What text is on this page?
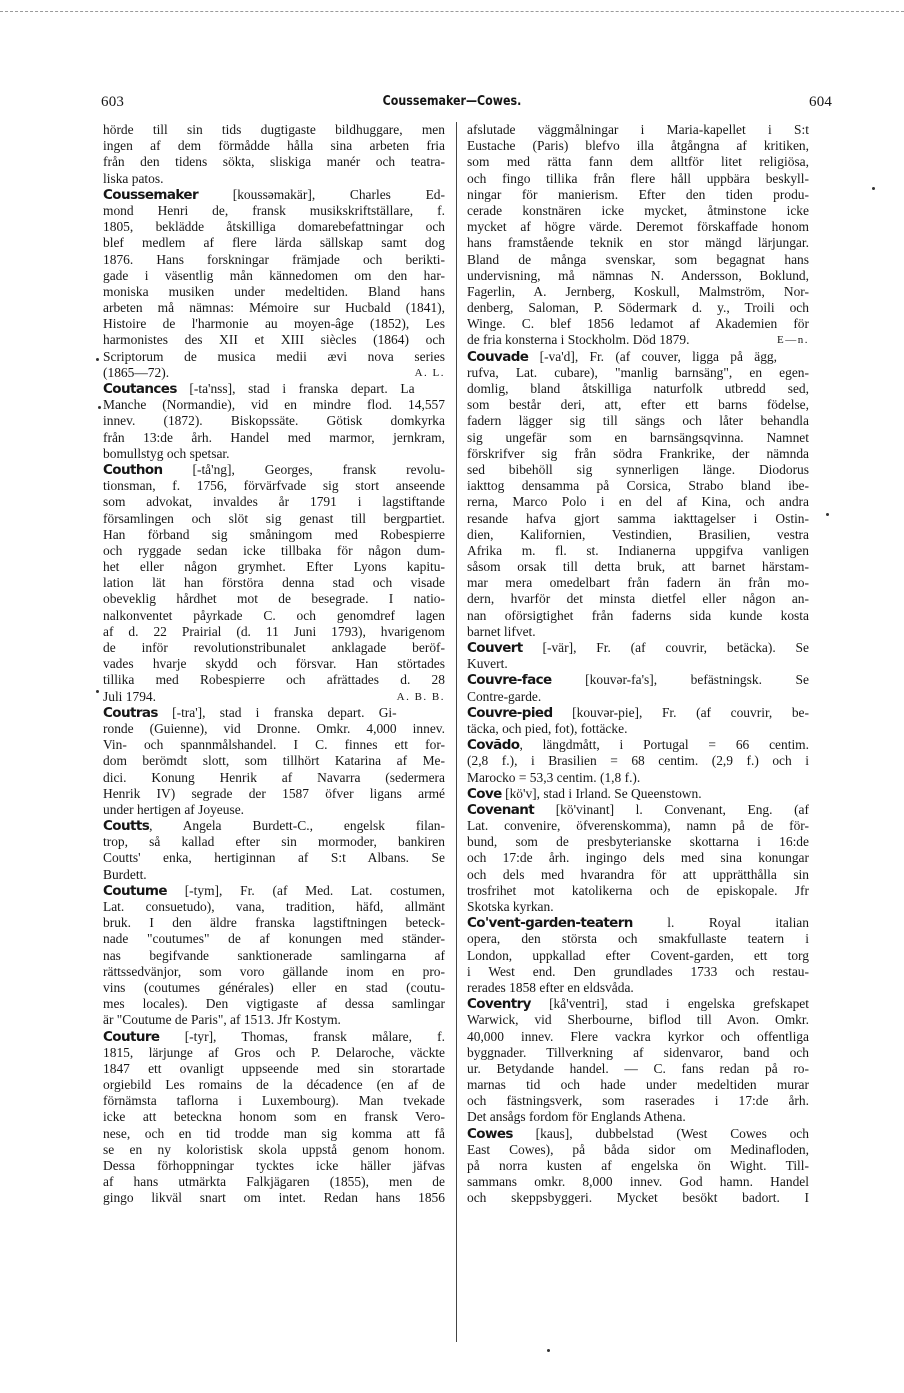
603	Coussemaker—Cowes.	604
hörde till sin tids dugtigaste bildhuggare, men
ingen af dem förmådde hålla sina arbeten fria
från den tidens sökta, sliskiga manér och teatra-
liska patos.
Coussemaker [koussəmakär], Charles Ed-
mond Henri de, fransk musikskriftställare, f.
1805, beklädde åtskilliga domarebefattningar och
blef medlem af flere lärda sällskap samt dog
1876. Hans forskningar främjade och berikti-
gade i väsentlig mån kännedomen om den har-
moniska musiken under medeltiden. Bland hans
arbeten må nämnas: Mémoire sur Hucbald (1841),
Histoire de l'harmonie au moyen-âge (1852), Les
harmonistes des XII et XIII siècles (1864) och
Scriptorum de musica medii ævi nova series
A. L.
(1865—72).
Coutances [-ta'nss], stad i franska depart. La
Manche (Normandie), vid en mindre flod. 14,557
innev. (1872). Biskopssäte. Götisk domkyrka
från 13:de årh. Handel med marmor, jernkram,
bomullstyg och spetsar.
Couthon [-tå'ng], Georges, fransk revolu-
tionsman, f. 1756, förvärfvade sig stort anseende
som advokat, invaldes år 1791 i lagstiftande
församlingen och slöt sig genast till bergpartiet.
Han förband sig småningom med Robespierre
och ryggade sedan icke tillbaka för någon dum-
het eller någon grymhet. Efter Lyons kapitu-
lation lät han förstöra denna stad och visade
obeveklig hårdhet mot de besegrade. I natio-
nalkonventet påyrkade C. och genomdref lagen
af d. 22 Prairial (d. 11 Juni 1793), hvarigenom
de inför revolutionstribunalet anklagade beröf-
vades hvarje skydd och försvar. Han störtades
tillika med Robespierre och afrättades d. 28
A. B. B.
Juli 1794.
Coutras [-tra'], stad i franska depart. Gi-
ronde (Guienne), vid Dronne. Omkr. 4,000 innev.
Vin- och spannmålshandel. I C. finnes ett for-
dom berömdt slott, som tillhört Katarina af Me-
dici. Konung Henrik af Navarra (sedermera
Henrik IV) segrade der 1587 öfver ligans armé
under hertigen af Joyeuse.
Coutts, Angela Burdett-C., engelsk filan-
trop, så kallad efter sin mormoder, bankiren
Coutts' enka, hertiginnan af S:t Albans. Se
Burdett.
Coutume [-tym], Fr. (af Med. Lat. costumen,
Lat. consuetudo), vana, tradition, häfd, allmänt
bruk. I den äldre franska lagstiftningen beteck-
nade "coutumes" de af konungen med ständer-
nas begifvande sanktionerade samlingarna af
rättssedvänjor, som voro gällande inom en pro-
vins (coutumes générales) eller en stad (coutu-
mes locales). Den vigtigaste af dessa samlingar
är "Coutume de Paris", af 1513. Jfr Kostym.
Couture [-tyr], Thomas, fransk målare, f.
1815, lärjunge af Gros och P. Delaroche, väckte
1847 ett ovanligt uppseende med sin storartade
orgiebild Les romains de la décadence (en af de
förnämsta taflorna i Luxembourg). Man tvekade
icke att beteckna honom som en fransk Vero-
nese, och en tid trodde man sig komma att få
se en ny koloristisk skola uppstå genom honom.
Dessa förhoppningar tycktes icke häller jäfvas
af hans utmärkta Falkjägaren (1855), men de
gingo likväl snart om intet. Redan hans 1856
afslutade väggmålningar i Maria-kapellet i S:t
Eustache (Paris) blefvo illa åtgångna af kritiken,
som med rätta fann dem alltför litet religiösa,
och fingo tillika från flere håll uppbära beskyll-
ningar för manierism. Efter den tiden produ-
cerade konstnären icke mycket, åtminstone icke
mycket af högre värde. Deremot förskaffade honom
hans framstående teknik en stor mängd lärjungar.
Bland de många svenskar, som begagnat hans
undervisning, må nämnas N. Andersson, Boklund,
Fagerlin, A. Jernberg, Koskull, Malmström, Nor-
denberg, Saloman, P. Södermark d. y., Troili och
Winge. C. blef 1856 ledamot af Akademien för
E—n.
de fria konsterna i Stockholm. Död 1879.
Couvade [-va'd], Fr. (af couver, ligga på ägg,
rufva, Lat. cubare), "manlig barnsäng", en egen-
domlig, bland åtskilliga naturfolk utbredd sed,
som består deri, att, efter ett barns födelse,
fadern lägger sig till sängs och låter behandla
sig ungefär som en barnsängsqvinna. Namnet
förskrifver sig från södra Frankrike, der nämnda
sed bibehöll sig synnerligen länge. Diodorus
iakttog densamma på Corsica, Strabo bland ibe-
rerna, Marco Polo i en del af Kina, och andra
resande hafva gjort samma iakttagelser i Ostin-
dien, Kalifornien, Vestindien, Brasilien, vestra
Afrika m. fl. st. Indianerna uppgifva vanligen
såsom orsak till detta bruk, att barnet härstam-
mar mera omedelbart från fadern än från mo-
dern, hvarför det minsta dietfel eller någon an-
nan oförsigtighet från faderns sida kunde kosta
barnet lifvet.
Couvert [-vär], Fr. (af couvrir, betäcka). Se
Kuvert.
Couvre-face [kouvər-fa's], befästningsk. Se
Contre-garde.
Couvre-pied [kouvər-pie], Fr. (af couvrir, be-
täcka, och pied, fot), fottäcke.
Covãdo, längdmått, i Portugal = 66 centim.
(2,8 f.), i Brasilien = 68 centim. (2,9 f.) och i
Marocko = 53,3 centim. (1,8 f.).
Cove [kö'v], stad i Irland. Se Queenstown.
Covenant [kö'vinant] l. Convenant, Eng. (af
Lat. convenire, öfverenskomma), namn på de för-
bund, som de presbyterianske skottarna i 16:de
och 17:de årh. ingingo dels med sina konungar
och dels med hvarandra för att upprätthålla sin
trosfrihet mot katolikerna och de episkopale. Jfr
Skotska kyrkan.
Co'vent-garden-teatern l. Royal italian
opera, den största och smakfullaste teatern i
London, uppkallad efter Covent-garden, ett torg
i West end. Den grundlades 1733 och restau-
rerades 1858 efter en eldsvåda.
Coventry [kå'ventri], stad i engelska grefskapet
Warwick, vid Sherbourne, biflod till Avon. Omkr.
40,000 innev. Flere vackra kyrkor och offentliga
byggnader. Tillverkning af sidenvaror, band och
ur. Betydande handel. — C. fans redan på ro-
marnas tid och hade under medeltiden murar
och fästningsverk, som raserades i 17:de årh.
Det ansågs fordom för Englands Athena.
Cowes [kaus], dubbelstad (West Cowes och
East Cowes), på båda sidor om Medinafloden,
på norra kusten af engelska ön Wight. Till-
sammans omkr. 8,000 innev. God hamn. Handel
och skeppsbyggeri. Mycket besökt badort. I
